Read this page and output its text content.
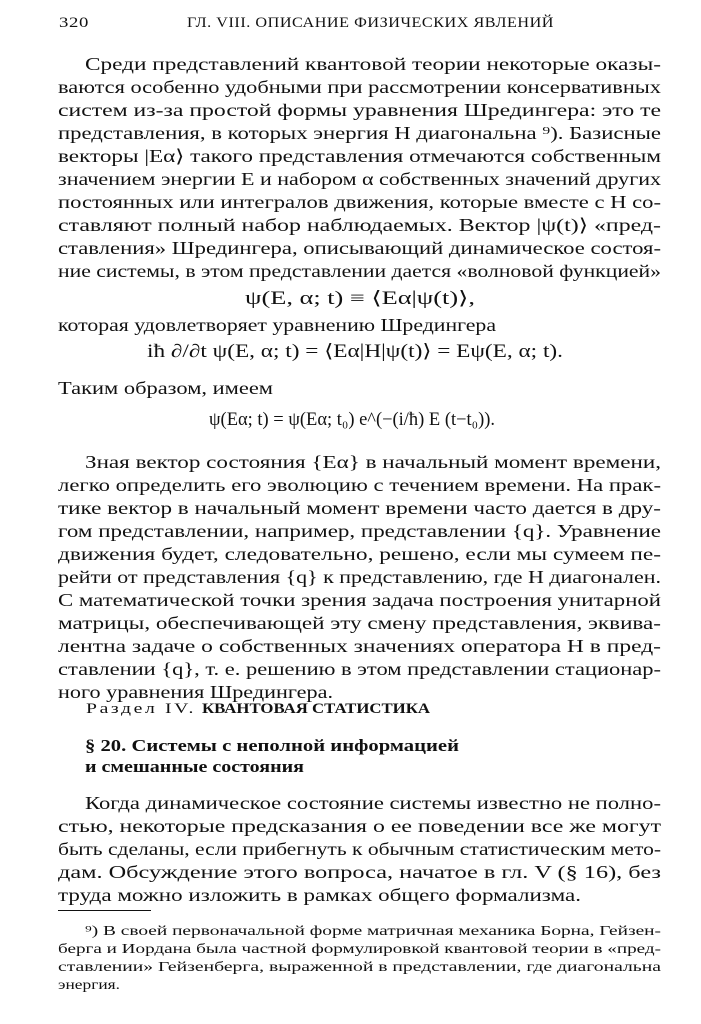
320	ГЛ. VIII. ОПИСАНИЕ ФИЗИЧЕСКИХ ЯВЛЕНИЙ
Среди представлений квантовой теории некоторые оказы-
ваются особенно удобными при рассмотрении консервативных
систем из-за простой формы уравнения Шредингера: это те
представления, в которых энергия H диагональна ⁹). Базисные
векторы |Eα⟩ такого представления отмечаются собственным
значением энергии E и набором α собственных значений других
постоянных или интегралов движения, которые вместе с H со-
ставляют полный набор наблюдаемых. Вектор |ψ(t)⟩ «пред-
ставления» Шредингера, описывающий динамическое состоя-
ние системы, в этом представлении дается «волновой функцией»
ψ(E, α; t) ≡ ⟨Eα|ψ(t)⟩,
которая удовлетворяет уравнению Шредингера
iħ ∂/∂t ψ(E, α; t) = ⟨Eα|H|ψ(t)⟩ = Eψ(E, α; t).
Таким образом, имеем
ψ(Eα; t) = ψ(Eα; t₀) e^(−(i/ħ) E (t−t₀)).
Зная вектор состояния {Eα} в начальный момент времени,
легко определить его эволюцию с течением времени. На прак-
тике вектор в начальный момент времени часто дается в дру-
гом представлении, например, представлении {q}. Уравнение
движения будет, следовательно, решено, если мы сумеем пе-
рейти от представления {q} к представлению, где H диагонален.
С математической точки зрения задача построения унитарной
матрицы, обеспечивающей эту смену представления, эквива-
лентна задаче о собственных значениях оператора H в пред-
ставлении {q}, т. е. решению в этом представлении стационар-
ного уравнения Шредингера.
Раздел IV. КВАНТОВАЯ СТАТИСТИКА
§ 20. Системы с неполной информацией
и смешанные состояния
Когда динамическое состояние системы известно не полно-
стью, некоторые предсказания о ее поведении все же могут
быть сделаны, если прибегнуть к обычным статистическим мето-
дам. Обсуждение этого вопроса, начатое в гл. V (§ 16), без
труда можно изложить в рамках общего формализма.
⁹) В своей первоначальной форме матричная механика Борна, Гейзен-
берга и Иордана была частной формулировкой квантовой теории в «пред-
ставлении» Гейзенберга, выраженной в представлении, где диагональна
энергия.
